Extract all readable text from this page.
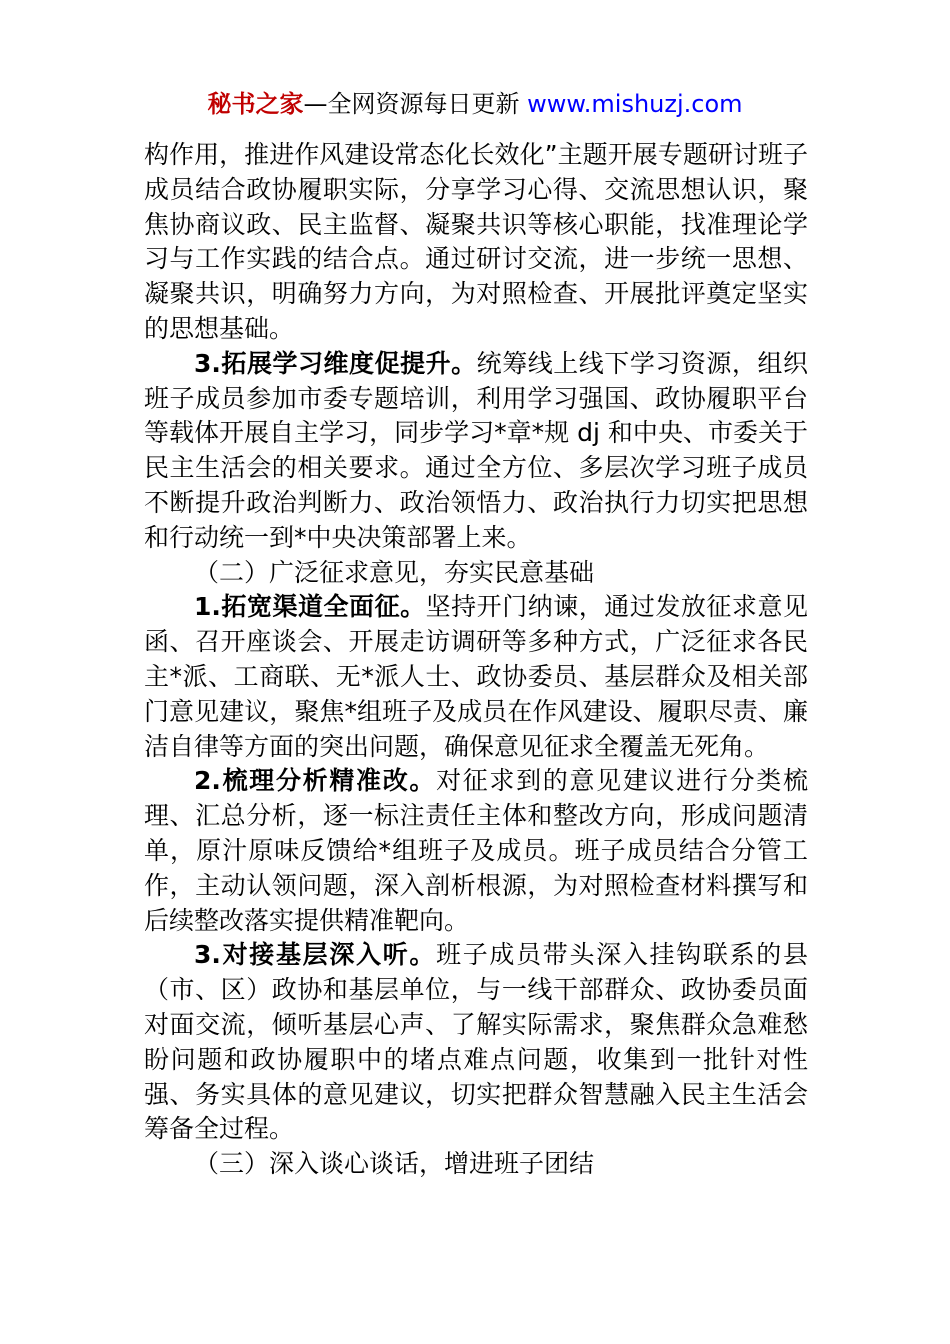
秘书之家—全网资源每日更新 www.mishuzj.com

构作用，推进作风建设常态化长效化”主题开展专题研讨班子成员结合政协履职实际，分享学习心得、交流思想认识，聚焦协商议政、民主监督、凝聚共识等核心职能，找准理论学习与工作实践的结合点。通过研讨交流，进一步统一思想、凝聚共识，明确努力方向，为对照检查、开展批评奠定坚实的思想基础。

3.拓展学习维度促提升。统筹线上线下学习资源，组织班子成员参加市委专题培训，利用学习强国、政协履职平台等载体开展自主学习，同步学习*章*规 dj 和中央、市委关于民主生活会的相关要求。通过全方位、多层次学习班子成员不断提升政治判断力、政治领悟力、政治执行力切实把思想和行动统一到*中央决策部署上来。

（二）广泛征求意见，夯实民意基础

1.拓宽渠道全面征。坚持开门纳谏，通过发放征求意见函、召开座谈会、开展走访调研等多种方式，广泛征求各民主*派、工商联、无*派人士、政协委员、基层群众及相关部门意见建议，聚焦*组班子及成员在作风建设、履职尽责、廉洁自律等方面的突出问题，确保意见征求全覆盖无死角。

2.梳理分析精准改。对征求到的意见建议进行分类梳理、汇总分析，逐一标注责任主体和整改方向，形成问题清单，原汁原味反馈给*组班子及成员。班子成员结合分管工作，主动认领问题，深入剖析根源，为对照检查材料撰写和后续整改落实提供精准靶向。

3.对接基层深入听。班子成员带头深入挂钩联系的县（市、区）政协和基层单位，与一线干部群众、政协委员面对面交流，倾听基层心声、了解实际需求，聚焦群众急难愁盼问题和政协履职中的堵点难点问题，收集到一批针对性强、务实具体的意见建议，切实把群众智慧融入民主生活会筹备全过程。

（三）深入谈心谈话，增进班子团结
